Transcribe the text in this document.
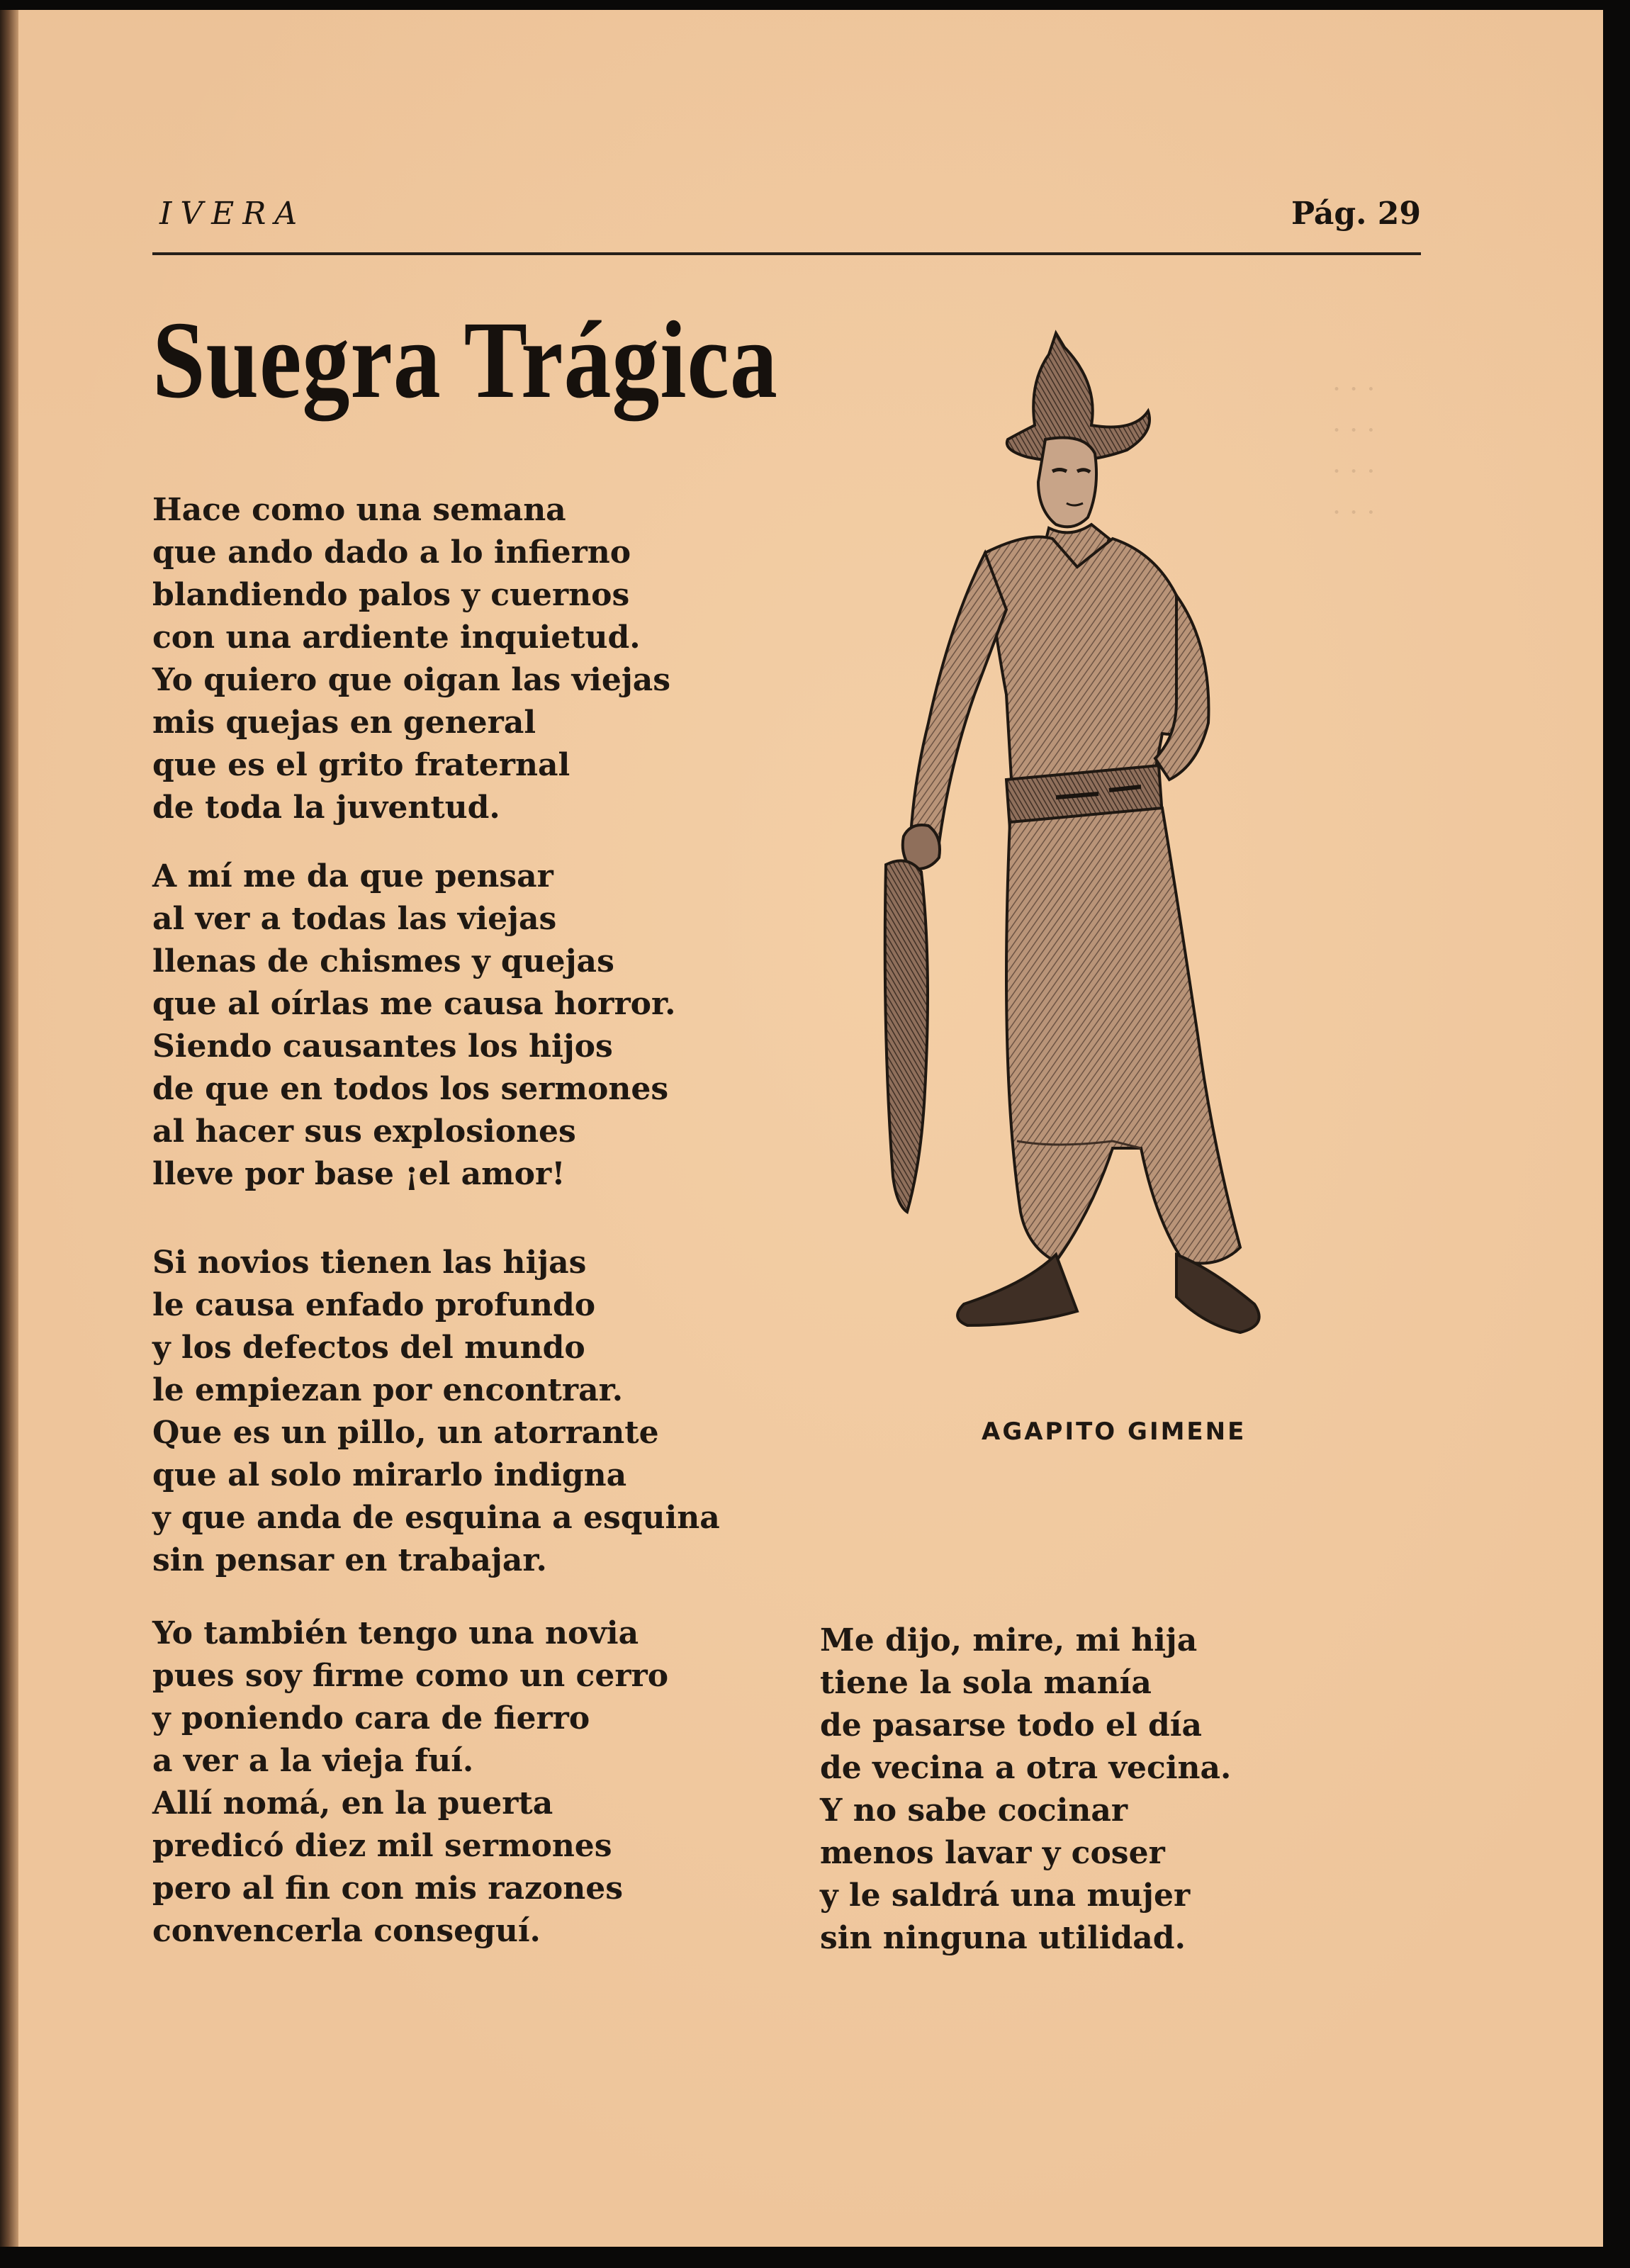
· · ·
· · ·
· · ·
· · ·
IVERA	Pág. 29
Suegra Trágica
Hace como una semana
que ando dado a lo infierno
blandiendo palos y cuernos
con una ardiente inquietud.
Yo quiero que oigan las viejas
mis quejas en general
que es el grito fraternal
de toda la juventud.
A mí me da que pensar
al ver a todas las viejas
llenas de chismes y quejas
que al oírlas me causa horror.
Siendo causantes los hijos
de que en todos los sermones
al hacer sus explosiones
lleve por base ¡el amor!
Si novios tienen las hijas
le causa enfado profundo
y los defectos del mundo
le empiezan por encontrar.
Que es un pillo, un atorrante
que al solo mirarlo indigna
y que anda de esquina a esquina
sin pensar en trabajar.
Yo también tengo una novia
pues soy firme como un cerro
y poniendo cara de fierro
a ver a la vieja fuí.
Allí nomá, en la puerta
predicó diez mil sermones
pero al fin con mis razones
convencerla conseguí.
Me dijo, mire, mi hija
tiene la sola manía
de pasarse todo el día
de vecina a otra vecina.
Y no sabe cocinar
menos lavar y coser
y le saldrá una mujer
sin ninguna utilidad.
AGAPITO GIMENE
